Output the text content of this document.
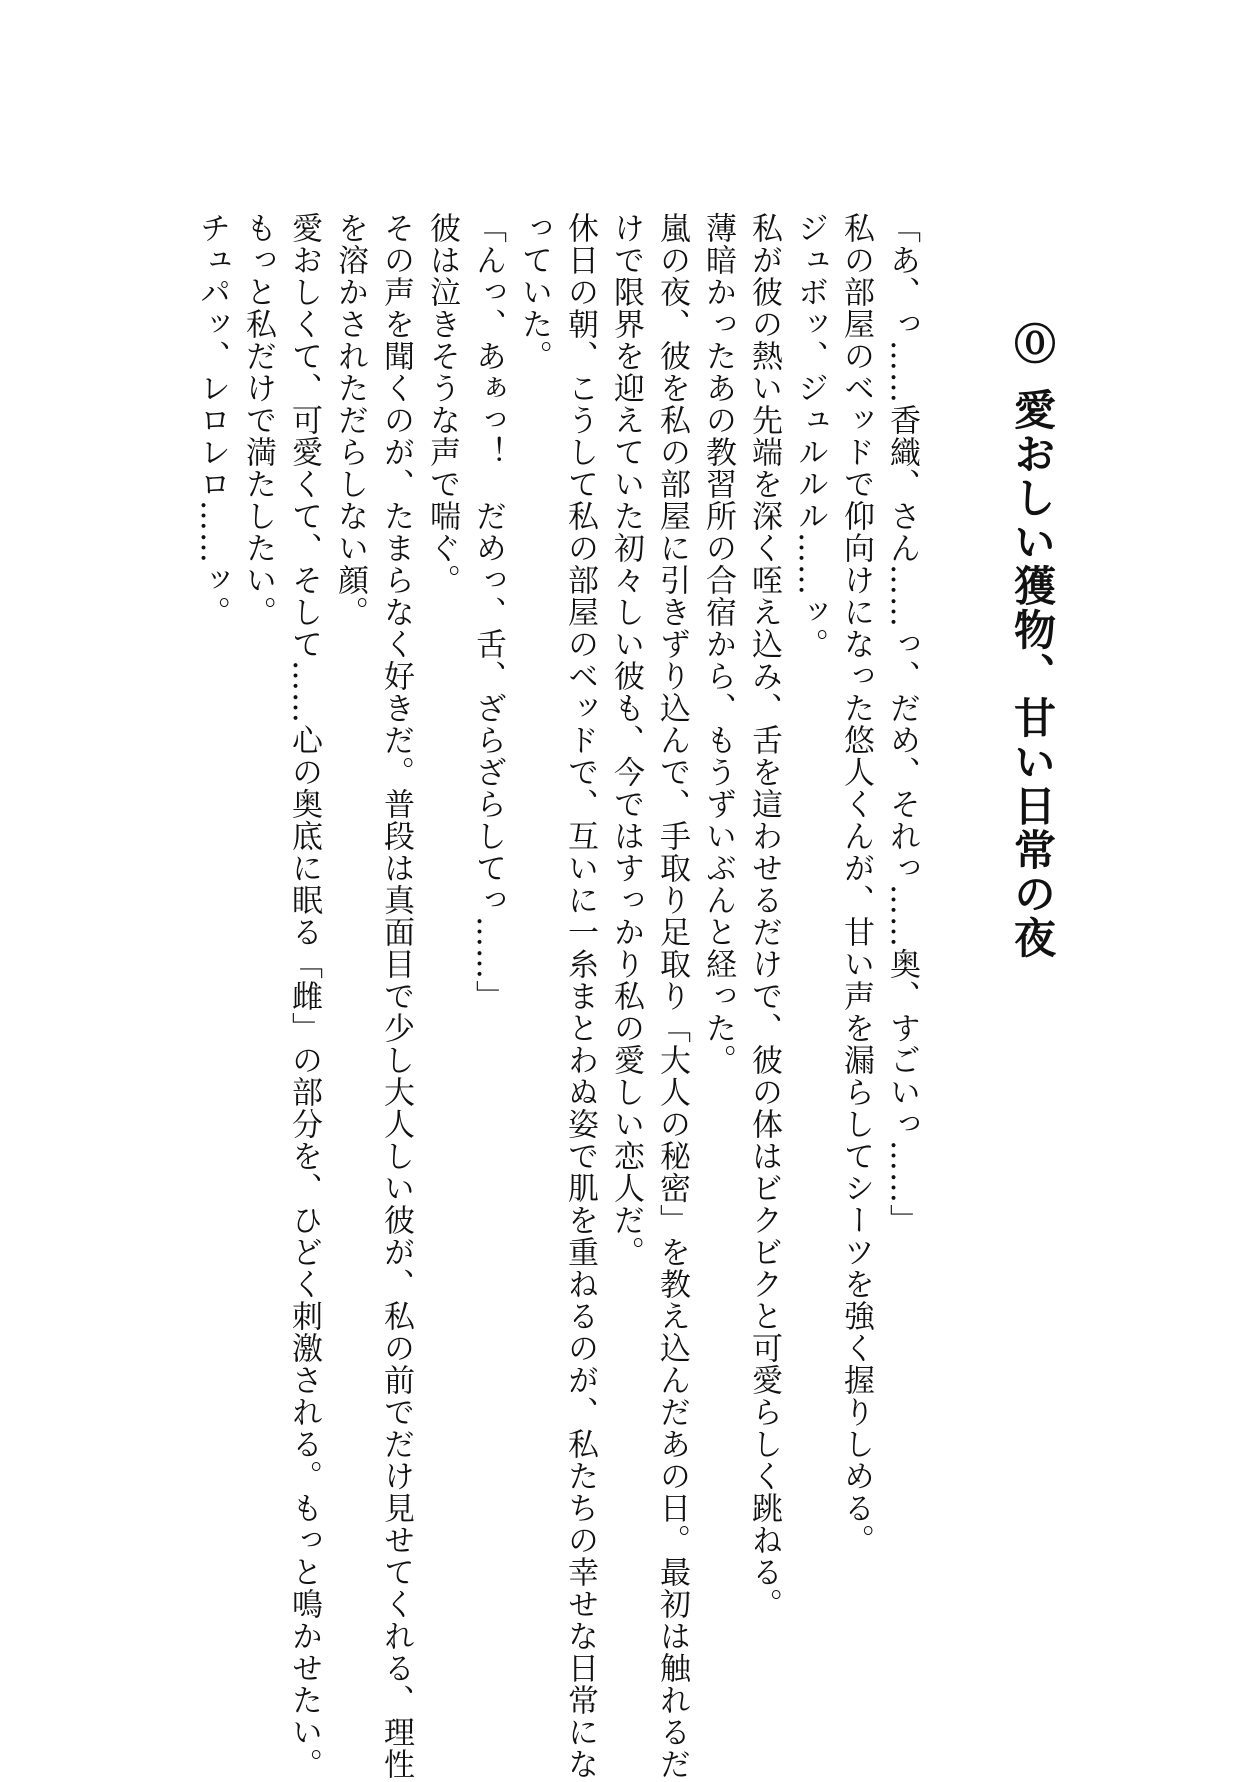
⓪愛おしい獲物、甘い日常の夜

「あ、っ……香織、さん……っ、だめ、それっ……奥、すごいっ……」

私の部屋のベッドで仰向けになった悠人くんが、甘い声を漏らしてシーツを強く握りしめる。

ジュボッ、ジュルルル……ッ。

私が彼の熱い先端を深く咥え込み、舌を這わせるだけで、彼の体はビクビクと可愛らしく跳ねる。

薄暗かったあの教習所の合宿から、もうずいぶんと経った。

嵐の夜、彼を私の部屋に引きずり込んで、手取り足取り「大人の秘密」を教え込んだあの日。最初は触れるだけで限界を迎えていた初々しい彼も、今ではすっかり私の愛しい恋人だ。

休日の朝、こうして私の部屋のベッドで、互いに一糸まとわぬ姿で肌を重ねるのが、私たちの幸せな日常になっていた。

「んっ、あぁっ！　だめっ、舌、ざらざらしてっ……」

彼は泣きそうな声で喘ぐ。

その声を聞くのが、たまらなく好きだ。普段は真面目で少し大人しい彼が、私の前でだけ見せてくれる、理性を溶かされただらしない顔。

愛おしくて、可愛くて、そして……心の奥底に眠る「雌」の部分を、ひどく刺激される。もっと鳴かせたい。もっと私だけで満たしたい。

チュパッ、レロレロ……ッ。
